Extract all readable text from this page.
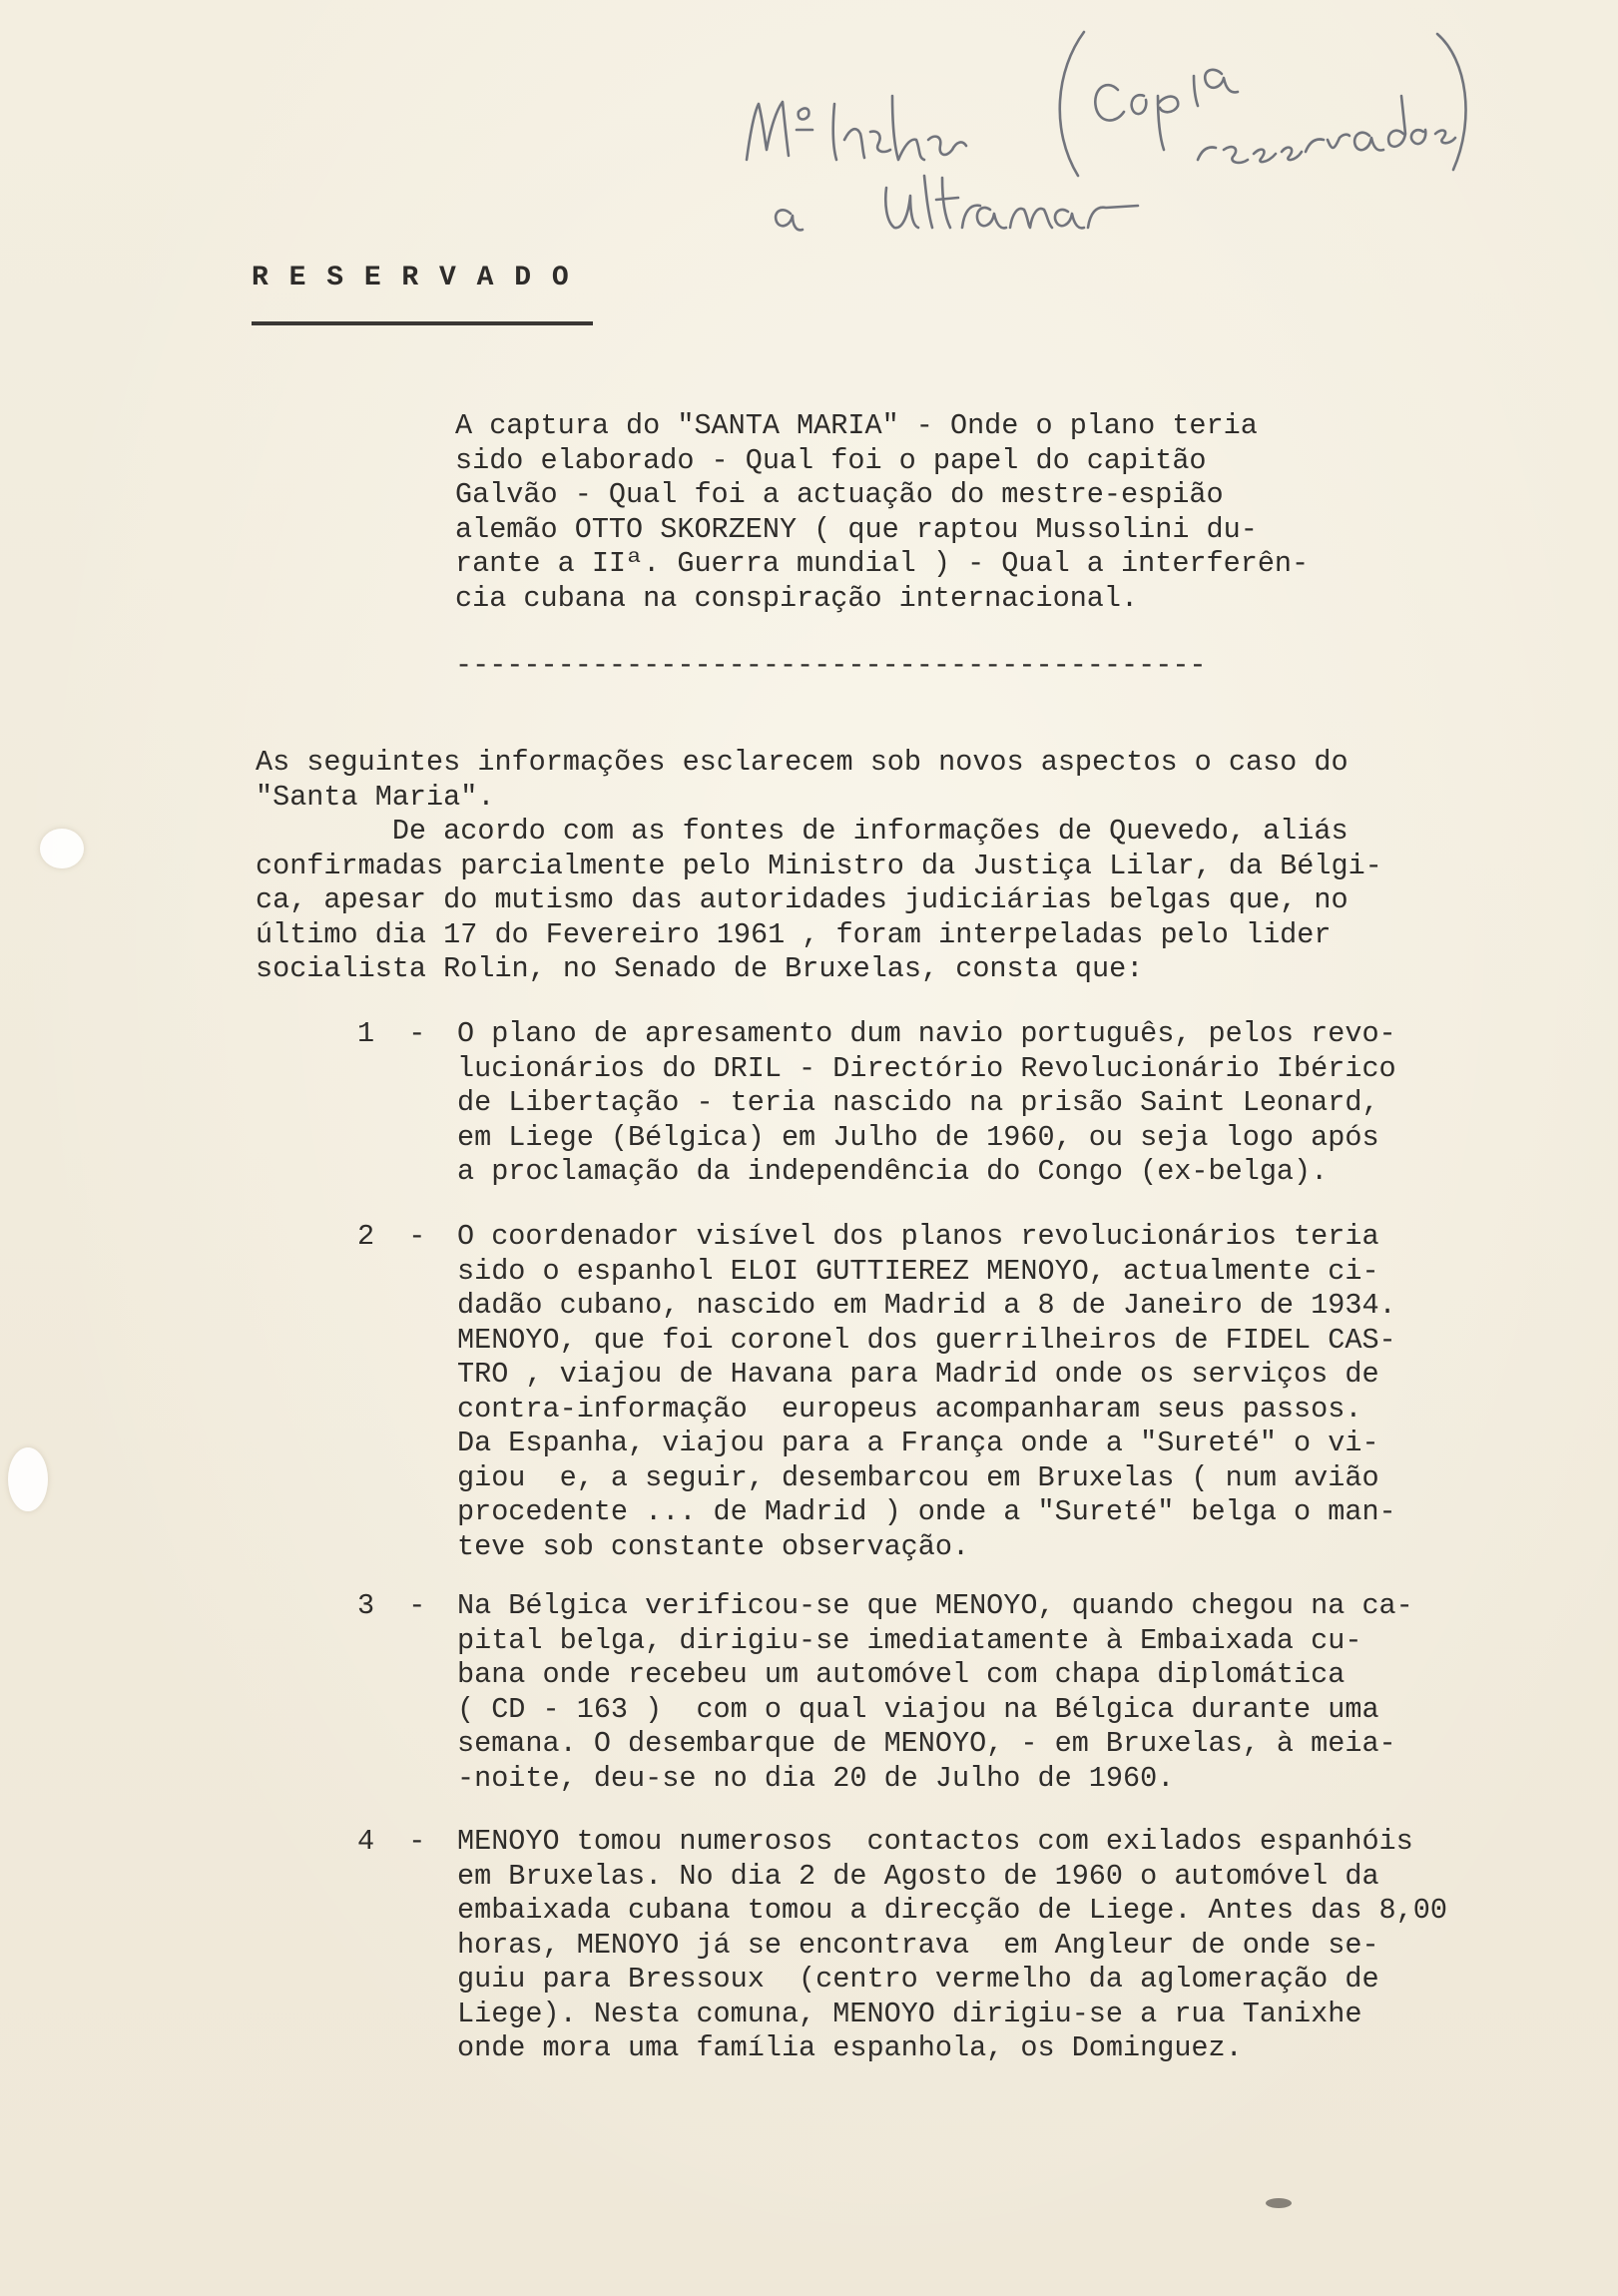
R E S E R V A D O
A captura do "SANTA MARIA" - Onde o plano teria
sido elaborado - Qual foi o papel do capitão
Galvão - Qual foi a actuação do mestre-espião
alemão OTTO SKORZENY ( que raptou Mussolini du-
rante a IIª. Guerra mundial ) - Qual a interferên-
cia cubana na conspiração internacional.
--------------------------------------------
As seguintes informações esclarecem sob novos aspectos o caso do
"Santa Maria".
De acordo com as fontes de informações de Quevedo, aliás
confirmadas parcialmente pelo Ministro da Justiça Lilar, da Bélgi-
ca, apesar do mutismo das autoridades judiciárias belgas que, no
último dia 17 do Fevereiro 1961 , foram interpeladas pelo lider
socialista Rolin, no Senado de Bruxelas, consta que:
1  - O plano de apresamento dum navio português, pelos revo-
lucionários do DRIL - Directório Revolucionário Ibérico
de Libertação - teria nascido na prisão Saint Leonard,
em Liege (Bélgica) em Julho de 1960, ou seja logo após
a proclamação da independência do Congo (ex-belga).
2  - O coordenador visível dos planos revolucionários teria
sido o espanhol ELOI GUTTIEREZ MENOYO, actualmente ci-
dadão cubano, nascido em Madrid a 8 de Janeiro de 1934.
MENOYO, que foi coronel dos guerrilheiros de FIDEL CAS-
TRO , viajou de Havana para Madrid onde os serviços de
contra-informação  europeus acompanharam seus passos.
Da Espanha, viajou para a França onde a "Sureté" o vi-
giou  e, a seguir, desembarcou em Bruxelas ( num avião
procedente ... de Madrid ) onde a "Sureté" belga o man-
teve sob constante observação.
3  - Na Bélgica verificou-se que MENOYO, quando chegou na ca-
pital belga, dirigiu-se imediatamente à Embaixada cu-
bana onde recebeu um automóvel com chapa diplomática
( CD - 163 )  com o qual viajou na Bélgica durante uma
semana. O desembarque de MENOYO, - em Bruxelas, à meia-
-noite, deu-se no dia 20 de Julho de 1960.
4  - MENOYO tomou numerosos  contactos com exilados espanhóis
em Bruxelas. No dia 2 de Agosto de 1960 o automóvel da
embaixada cubana tomou a direcção de Liege. Antes das 8,00
horas, MENOYO já se encontrava  em Angleur de onde se-
guiu para Bressoux  (centro vermelho da aglomeração de
Liege). Nesta comuna, MENOYO dirigiu-se a rua Tanixhe
onde mora uma família espanhola, os Dominguez.
